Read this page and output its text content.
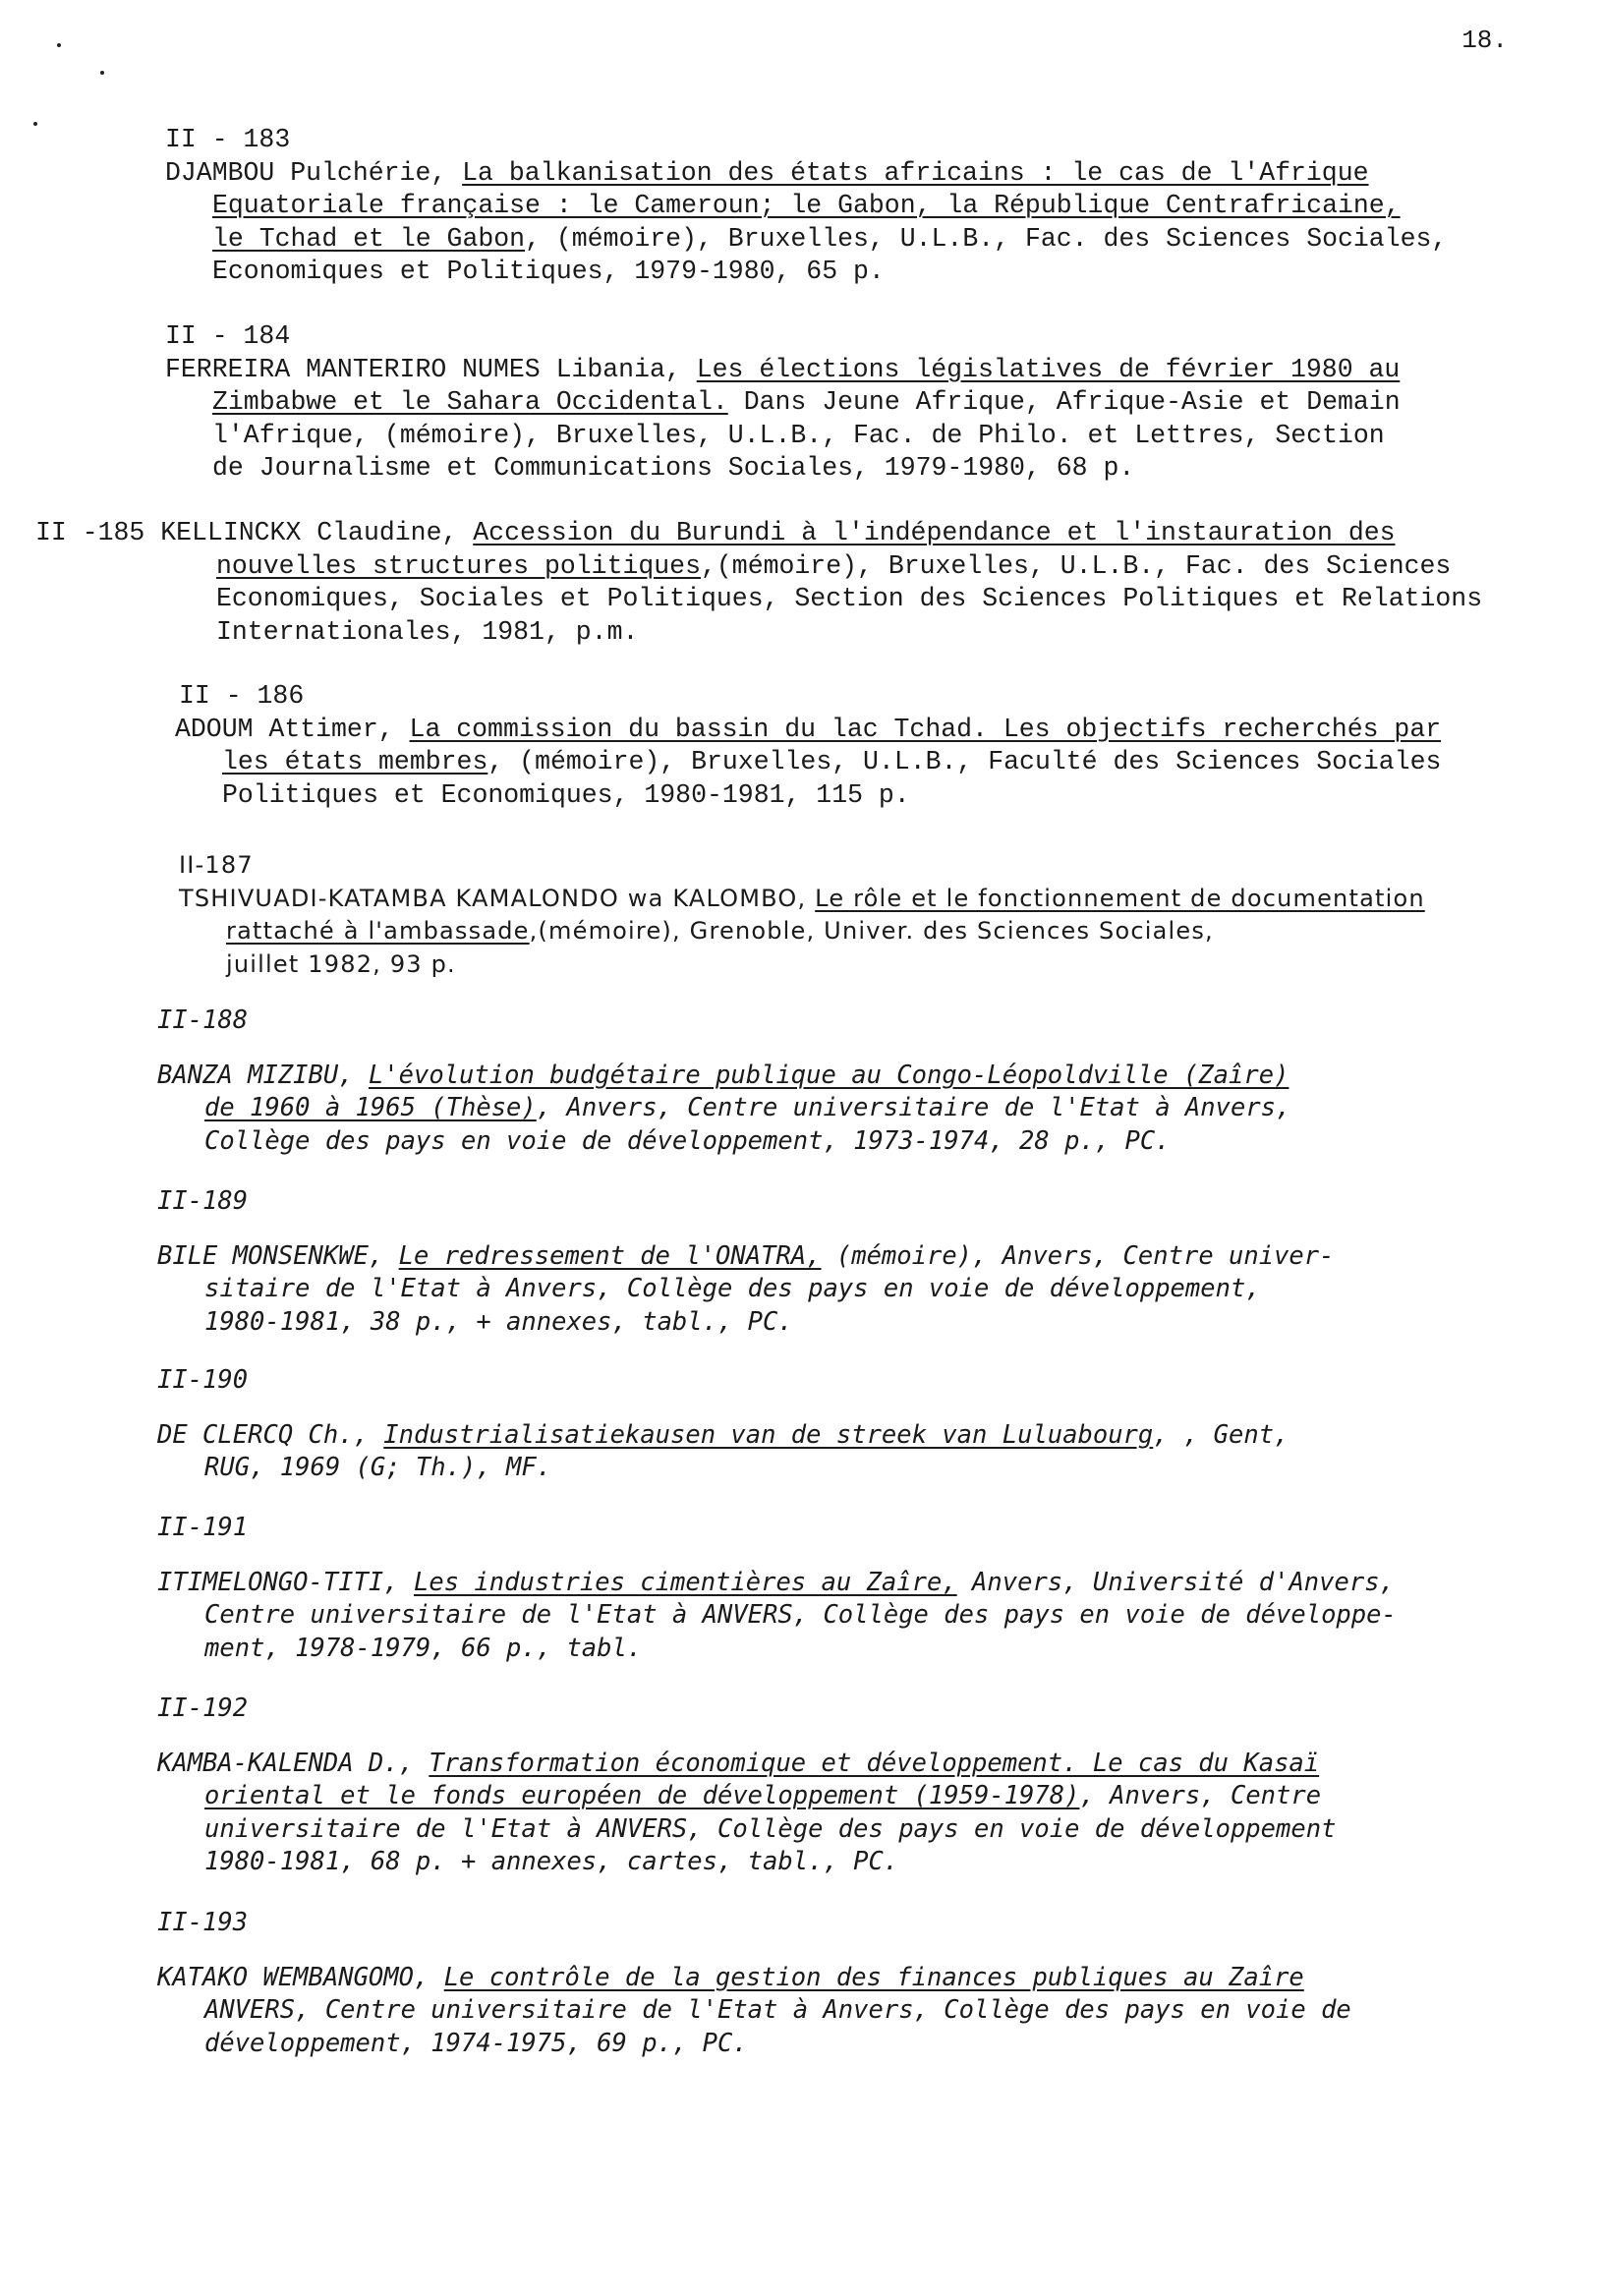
18.
II - 183
DJAMBOU Pulchérie, La balkanisation des états africains : le cas de l'Afrique
Equatoriale française : le Cameroun; le Gabon, la République Centrafricaine,
le Tchad et le Gabon, (mémoire), Bruxelles, U.L.B., Fac. des Sciences Sociales,
Economiques et Politiques, 1979-1980, 65 p.
II - 184
FERREIRA MANTERIRO NUMES Libania, Les élections législatives de février 1980 au
Zimbabwe et le Sahara Occidental. Dans Jeune Afrique, Afrique-Asie et Demain
l'Afrique, (mémoire), Bruxelles, U.L.B., Fac. de Philo. et Lettres, Section
de Journalisme et Communications Sociales, 1979-1980, 68 p.
II -185 KELLINCKX Claudine, Accession du Burundi à l'indépendance et l'instauration des
nouvelles structures politiques,(mémoire), Bruxelles, U.L.B., Fac. des Sciences
Economiques, Sociales et Politiques, Section des Sciences Politiques et Relations
Internationales, 1981, p.m.
II - 186
ADOUM Attimer, La commission du bassin du lac Tchad. Les objectifs recherchés par
les états membres, (mémoire), Bruxelles, U.L.B., Faculté des Sciences Sociales
Politiques et Economiques, 1980-1981, 115 p.
II-187
TSHIVUADI-KATAMBA KAMALONDO wa KALOMBO, Le rôle et le fonctionnement de documentation
rattaché à l'ambassade,(mémoire), Grenoble, Univer. des Sciences Sociales,
juillet 1982, 93 p.
II-188
BANZA MIZIBU, L'évolution budgétaire publique au Congo-Léopoldville (Zaîre)
de 1960 à 1965 (Thèse), Anvers, Centre universitaire de l'Etat à Anvers,
Collège des pays en voie de développement, 1973-1974, 28 p., PC.
II-189
BILE MONSENKWE, Le redressement de l'ONATRA, (mémoire), Anvers, Centre univer-
sitaire de l'Etat à Anvers, Collège des pays en voie de développement,
1980-1981, 38 p., + annexes, tabl., PC.
II-190
DE CLERCQ Ch., Industrialisatiekausen van de streek van Luluabourg, , Gent,
RUG, 1969 (G; Th.), MF.
II-191
ITIMELONGO-TITI, Les industries cimentières au Zaîre, Anvers, Université d'Anvers,
Centre universitaire de l'Etat à ANVERS, Collège des pays en voie de développe-
ment, 1978-1979, 66 p., tabl.
II-192
KAMBA-KALENDA D., Transformation économique et développement. Le cas du Kasaï
oriental et le fonds européen de développement (1959-1978), Anvers, Centre
universitaire de l'Etat à ANVERS, Collège des pays en voie de développement
1980-1981, 68 p. + annexes, cartes, tabl., PC.
II-193
KATAKO WEMBANGOMO, Le contrôle de la gestion des finances publiques au Zaîre
ANVERS, Centre universitaire de l'Etat à Anvers, Collège des pays en voie de
développement, 1974-1975, 69 p., PC.
